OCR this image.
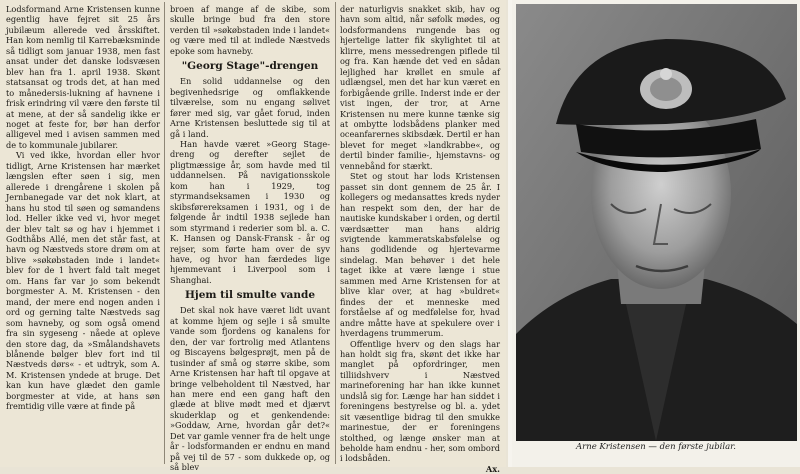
Lodsformand Arne Kristensen kunne egentlig have fejret sit 25 års jubilæum allerede ved årsskiftet. Han kom nemlig til Karrebæksminde så tidligt som januar 1938, men fast ansat under det danske lodsvæsen blev han fra 1. april 1938. Skønt statsansat og trods det, at han med to månedersis-lukning af havnene i frisk erindring vil være den første til at mene, at der så sandelig ikke er noget at feste for, bør han derfor alligevel med i avisen sammen med de to kommunale jubilarer.

Vi ved ikke, hvordan eller hvor tidligt, Arne Kristensen har mærket længslen efter søen i sig, men allerede i drengårene i skolen på Jernbanegade var det nok klart, at hans hu stod til søen og sømandens lod. Heller ikke ved vi, hvor meget der blev talt sø og hav i hjemmet i Godthåbs Allé, men det står fast, at havn og Næstveds store drøm om at blive »søkøbstaden inde i landet« blev for de 1 hvert fald talt meget om. Hans far var jo som bekendt borgmester A. M. Kristensen - den mand, der mere end nogen anden i ord og gerning talte Næstveds sag som havneby, og som også omend fra sin sygeseng - nåede at opleve den store dag, da »Smålandshavets blånende bølger blev fort ind til Næstveds dørs« - et udtryk, som A. M. Kristensen yndede at bruge. Det kan kun have glædet den gamle borgmester at vide, at hans søn fremtidig ville være at finde på

broen af mange af de skibe, som skulle bringe bud fra den store verden til »søkøbstaden inde i landet« og være med til at indlede Næstveds epoke som havneby.

"Georg Stage"-drengen

En solid uddannelse og den begivenhedsrige og omflakkende tilværelse, som nu engang sølivet fører med sig, var gået forud, inden Arne Kristensen besluttede sig til at gå i land.

Han havde været »Georg Stage-dreng og derefter sejlet de pligtmæssige år, som havde med til uddannelsen. På navigationsskole kom han i 1929, tog styrmandseksamen i 1930 og skibsførereksamen i 1931, og i de følgende år indtil 1938 sejlede han som styrmand i rederier som bl. a. C. K. Hansen og Dansk-Fransk - år og rejser, som førte ham over de syv have, og hvor han færdedes lige hjemmevant i Liverpool som i Shanghai.

Hjem til smulte vande

Det skal nok have været lidt uvant at komme hjem og sejle i så smulte vande som fjordens og kanalens for den, der var fortrolig med Atlantens og Biscayens bølgesprøjt, men på de tusinder af små og større skibe, som Arne Kristensen har haft til opgave at bringe velbeholdent til Næstved, har han mere end een gang haft den glæde at blive mødt med et djærvt skuderklap og et genkendende: »Goddaw, Arne, hvordan går det?« Det var gamle venner fra de helt unge år - lodsformanden er endnu en mand på vej til de 57 - som dukkede op, og så blev

der naturligvis snakket skib, hav og havn som altid, når søfolk mødes, og lodsformandens rungende bas og hjertelige latter fik skylightet til at klirre, mens messedrengen piflede til og fra. Kan hænde det ved en sådan lejlighed har krøllet en smule af udlængsel, men det har kun været en forbigående grille. Inderst inde er der vist ingen, der tror, at Arne Kristensen nu mere kunne tænke sig at ombytte lodsbådens planker med oceanfarernes skibsdæk. Dertil er han blevet for meget »landkrabbe«, og dertil binder familie-, hjemstavns- og vennebånd for stærkt.

Stet og stout har lods Kristensen passet sin dont gennem de 25 år. I kollegers og medansattes kreds nyder han respekt som den, der har de nautiske kundskaber i orden, og dertil værdsætter man hans aldrig svigtende kammeratskabsfølelse og hans godlidende og hjertevarme sindelag. Man behøver i det hele taget ikke at være længe i stue sammen med Arne Kristensen for at blive klar over, at hag »buldret« findes der et menneske med forståelse af og medfølelse for, hvad andre måtte have at spekulere over i hverdagens trummerum.

Offentlige hverv og den slags har han holdt sig fra, skønt det ikke har manglet på opfordringer, men tilliidshverv i Næstved marineforening har han ikke kunnet undslå sig for. Længe har han siddet i foreningens bestyrelse og bl. a. ydet sit væsentlige bidrag til den smukke marinestue, der er foreningens stolthed, og længe ønsker man at beholde ham endnu - her, som ombord i lodsbåden.

Ax.
Arne Kristensen — den første jubilar.
